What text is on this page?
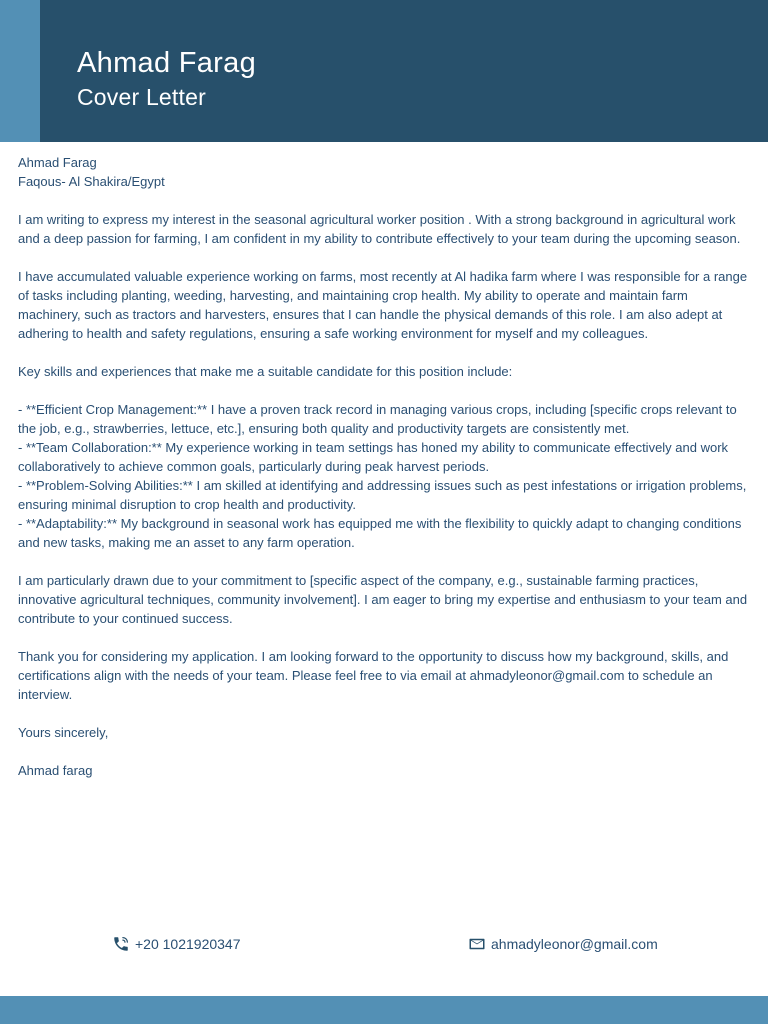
Ahmad Farag
Cover Letter

Ahmad Farag
Faqous- Al Shakira/Egypt

I am writing to express my interest in the seasonal agricultural worker position . With a strong background in agricultural work and a deep passion for farming, I am confident in my ability to contribute effectively to your team during the upcoming season.

I have accumulated valuable experience working on farms, most recently at Al hadika farm where I was responsible for a range of tasks including planting, weeding, harvesting, and maintaining crop health. My ability to operate and maintain farm machinery, such as tractors and harvesters, ensures that I can handle the physical demands of this role. I am also adept at adhering to health and safety regulations, ensuring a safe working environment for myself and my colleagues.

Key skills and experiences that make me a suitable candidate for this position include:

- **Efficient Crop Management:** I have a proven track record in managing various crops, including [specific crops relevant to the job, e.g., strawberries, lettuce, etc.], ensuring both quality and productivity targets are consistently met.
- **Team Collaboration:** My experience working in team settings has honed my ability to communicate effectively and work collaboratively to achieve common goals, particularly during peak harvest periods.
- **Problem-Solving Abilities:** I am skilled at identifying and addressing issues such as pest infestations or irrigation problems, ensuring minimal disruption to crop health and productivity.
- **Adaptability:** My background in seasonal work has equipped me with the flexibility to quickly adapt to changing conditions and new tasks, making me an asset to any farm operation.

I am particularly drawn due to your commitment to [specific aspect of the company, e.g., sustainable farming practices, innovative agricultural techniques, community involvement]. I am eager to bring my expertise and enthusiasm to your team and contribute to your continued success.

Thank you for considering my application. I am looking forward to the opportunity to discuss how my background, skills, and certifications align with the needs of your team. Please feel free to via email at ahmadyleonor@gmail.com to schedule an interview.

Yours sincerely,

Ahmad farag

+20 1021920347	ahmadyleonor@gmail.com
